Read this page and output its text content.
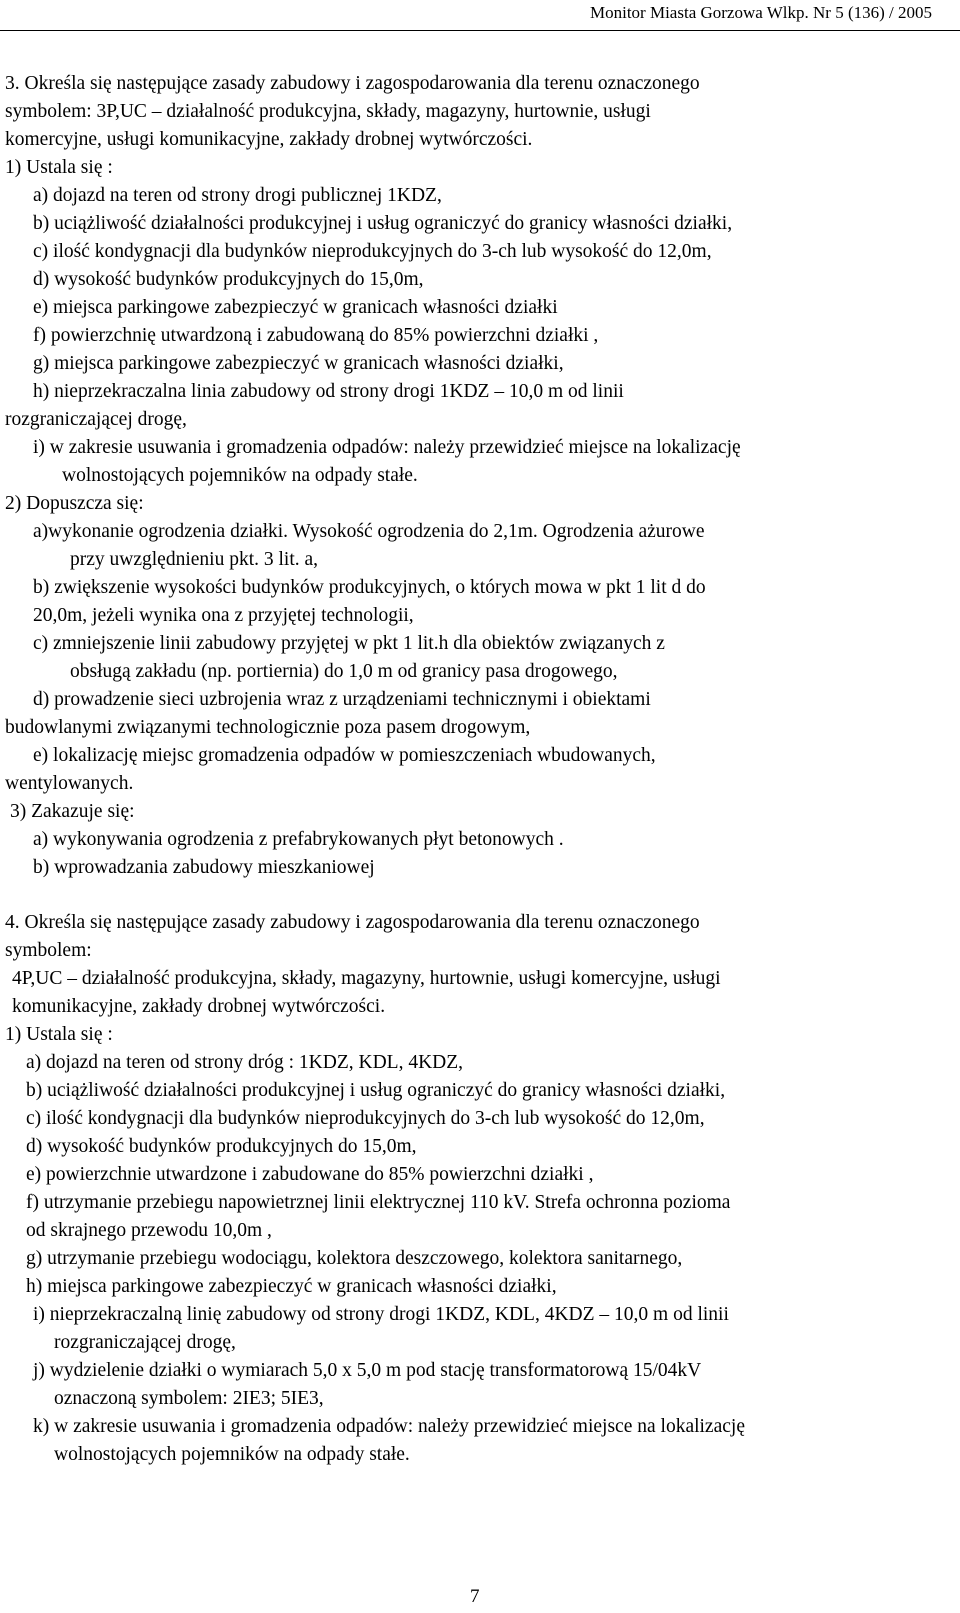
Monitor Miasta Gorzowa Wlkp. Nr 5 (136) / 2005
3. Określa się następujące zasady zabudowy i zagospodarowania dla terenu oznaczonego
symbolem: 3P,UC – działalność produkcyjna, składy, magazyny, hurtownie, usługi
komercyjne, usługi komunikacyjne, zakłady drobnej wytwórczości.
1) Ustala się :
a) dojazd na teren od strony drogi publicznej 1KDZ,
b) uciążliwość działalności produkcyjnej i usług ograniczyć do granicy własności działki,
c) ilość kondygnacji dla budynków nieprodukcyjnych do 3-ch lub wysokość do 12,0m,
d) wysokość budynków produkcyjnych do 15,0m,
e) miejsca parkingowe zabezpieczyć w granicach własności działki
f) powierzchnię utwardzoną i zabudowaną do 85% powierzchni działki ,
g) miejsca parkingowe zabezpieczyć w granicach własności działki,
h) nieprzekraczalna linia zabudowy od strony drogi 1KDZ – 10,0 m od linii
rozgraniczającej drogę,
i) w zakresie usuwania i gromadzenia odpadów: należy przewidzieć miejsce na lokalizację
wolnostojących pojemników na odpady stałe.
2) Dopuszcza się:
a)wykonanie ogrodzenia działki. Wysokość ogrodzenia do 2,1m. Ogrodzenia ażurowe
przy uwzględnieniu pkt. 3 lit. a,
b) zwiększenie wysokości budynków produkcyjnych, o których mowa w pkt 1 lit d do
20,0m, jeżeli wynika ona z przyjętej technologii,
c) zmniejszenie linii zabudowy przyjętej w pkt 1 lit.h dla obiektów związanych z
obsługą zakładu (np. portiernia) do 1,0 m od granicy pasa drogowego,
d) prowadzenie sieci uzbrojenia wraz z urządzeniami technicznymi i obiektami
budowlanymi związanymi technologicznie poza pasem drogowym,
e) lokalizację miejsc gromadzenia odpadów w pomieszczeniach wbudowanych,
wentylowanych.
3) Zakazuje się:
a) wykonywania ogrodzenia z prefabrykowanych płyt betonowych .
b) wprowadzania zabudowy mieszkaniowej
4. Określa się następujące zasady zabudowy i zagospodarowania dla terenu oznaczonego
symbolem:
4P,UC – działalność produkcyjna, składy, magazyny, hurtownie, usługi komercyjne, usługi
komunikacyjne, zakłady drobnej wytwórczości.
1) Ustala się :
a) dojazd na teren od strony dróg : 1KDZ, KDL, 4KDZ,
b) uciążliwość działalności produkcyjnej i usług ograniczyć do granicy własności działki,
c) ilość kondygnacji dla budynków nieprodukcyjnych do 3-ch lub wysokość do 12,0m,
d) wysokość budynków produkcyjnych do 15,0m,
e) powierzchnie utwardzone i zabudowane do 85% powierzchni działki ,
f) utrzymanie przebiegu napowietrznej linii elektrycznej 110 kV. Strefa ochronna pozioma
od skrajnego przewodu 10,0m ,
g) utrzymanie przebiegu wodociągu, kolektora deszczowego, kolektora sanitarnego,
h) miejsca parkingowe zabezpieczyć w granicach własności działki,
i) nieprzekraczalną linię zabudowy od strony drogi 1KDZ, KDL, 4KDZ – 10,0 m od linii
rozgraniczającej drogę,
j) wydzielenie działki o wymiarach 5,0 x 5,0 m pod stację transformatorową 15/04kV
oznaczoną symbolem: 2IE3; 5IE3,
k) w zakresie usuwania i gromadzenia odpadów: należy przewidzieć miejsce na lokalizację
wolnostojących pojemników na odpady stałe.
7
